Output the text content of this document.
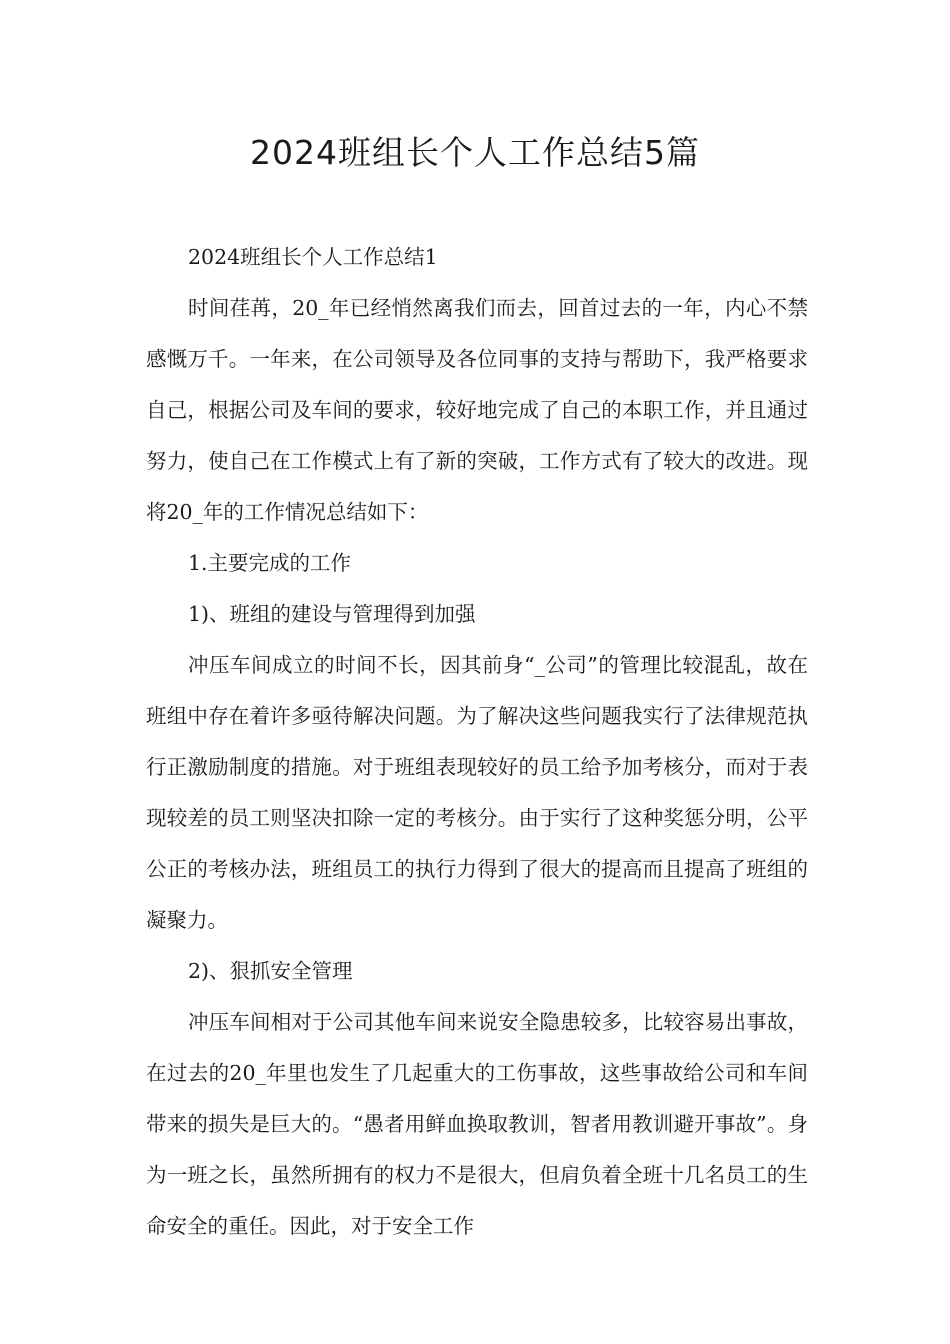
2024班组长个人工作总结5篇

2024班组长个人工作总结1

时间荏苒，20_年已经悄然离我们而去，回首过去的一年，内心不禁感慨万千。一年来，在公司领导及各位同事的支持与帮助下，我严格要求自己，根据公司及车间的要求，较好地完成了自己的本职工作，并且通过努力，使自己在工作模式上有了新的突破，工作方式有了较大的改进。现将20_年的工作情况总结如下：

1.主要完成的工作

1)、班组的建设与管理得到加强

冲压车间成立的时间不长，因其前身“_公司”的管理比较混乱，故在班组中存在着许多亟待解决问题。为了解决这些问题我实行了法律规范执行正激励制度的措施。对于班组表现较好的员工给予加考核分，而对于表现较差的员工则坚决扣除一定的考核分。由于实行了这种奖惩分明，公平公正的考核办法，班组员工的执行力得到了很大的提高而且提高了班组的凝聚力。

2)、狠抓安全管理

冲压车间相对于公司其他车间来说安全隐患较多，比较容易出事故，在过去的20_年里也发生了几起重大的工伤事故，这些事故给公司和车间带来的损失是巨大的。“愚者用鲜血换取教训，智者用教训避开事故”。身为一班之长，虽然所拥有的权力不是很大，但肩负着全班十几名员工的生命安全的重任。因此，对于安全工作
